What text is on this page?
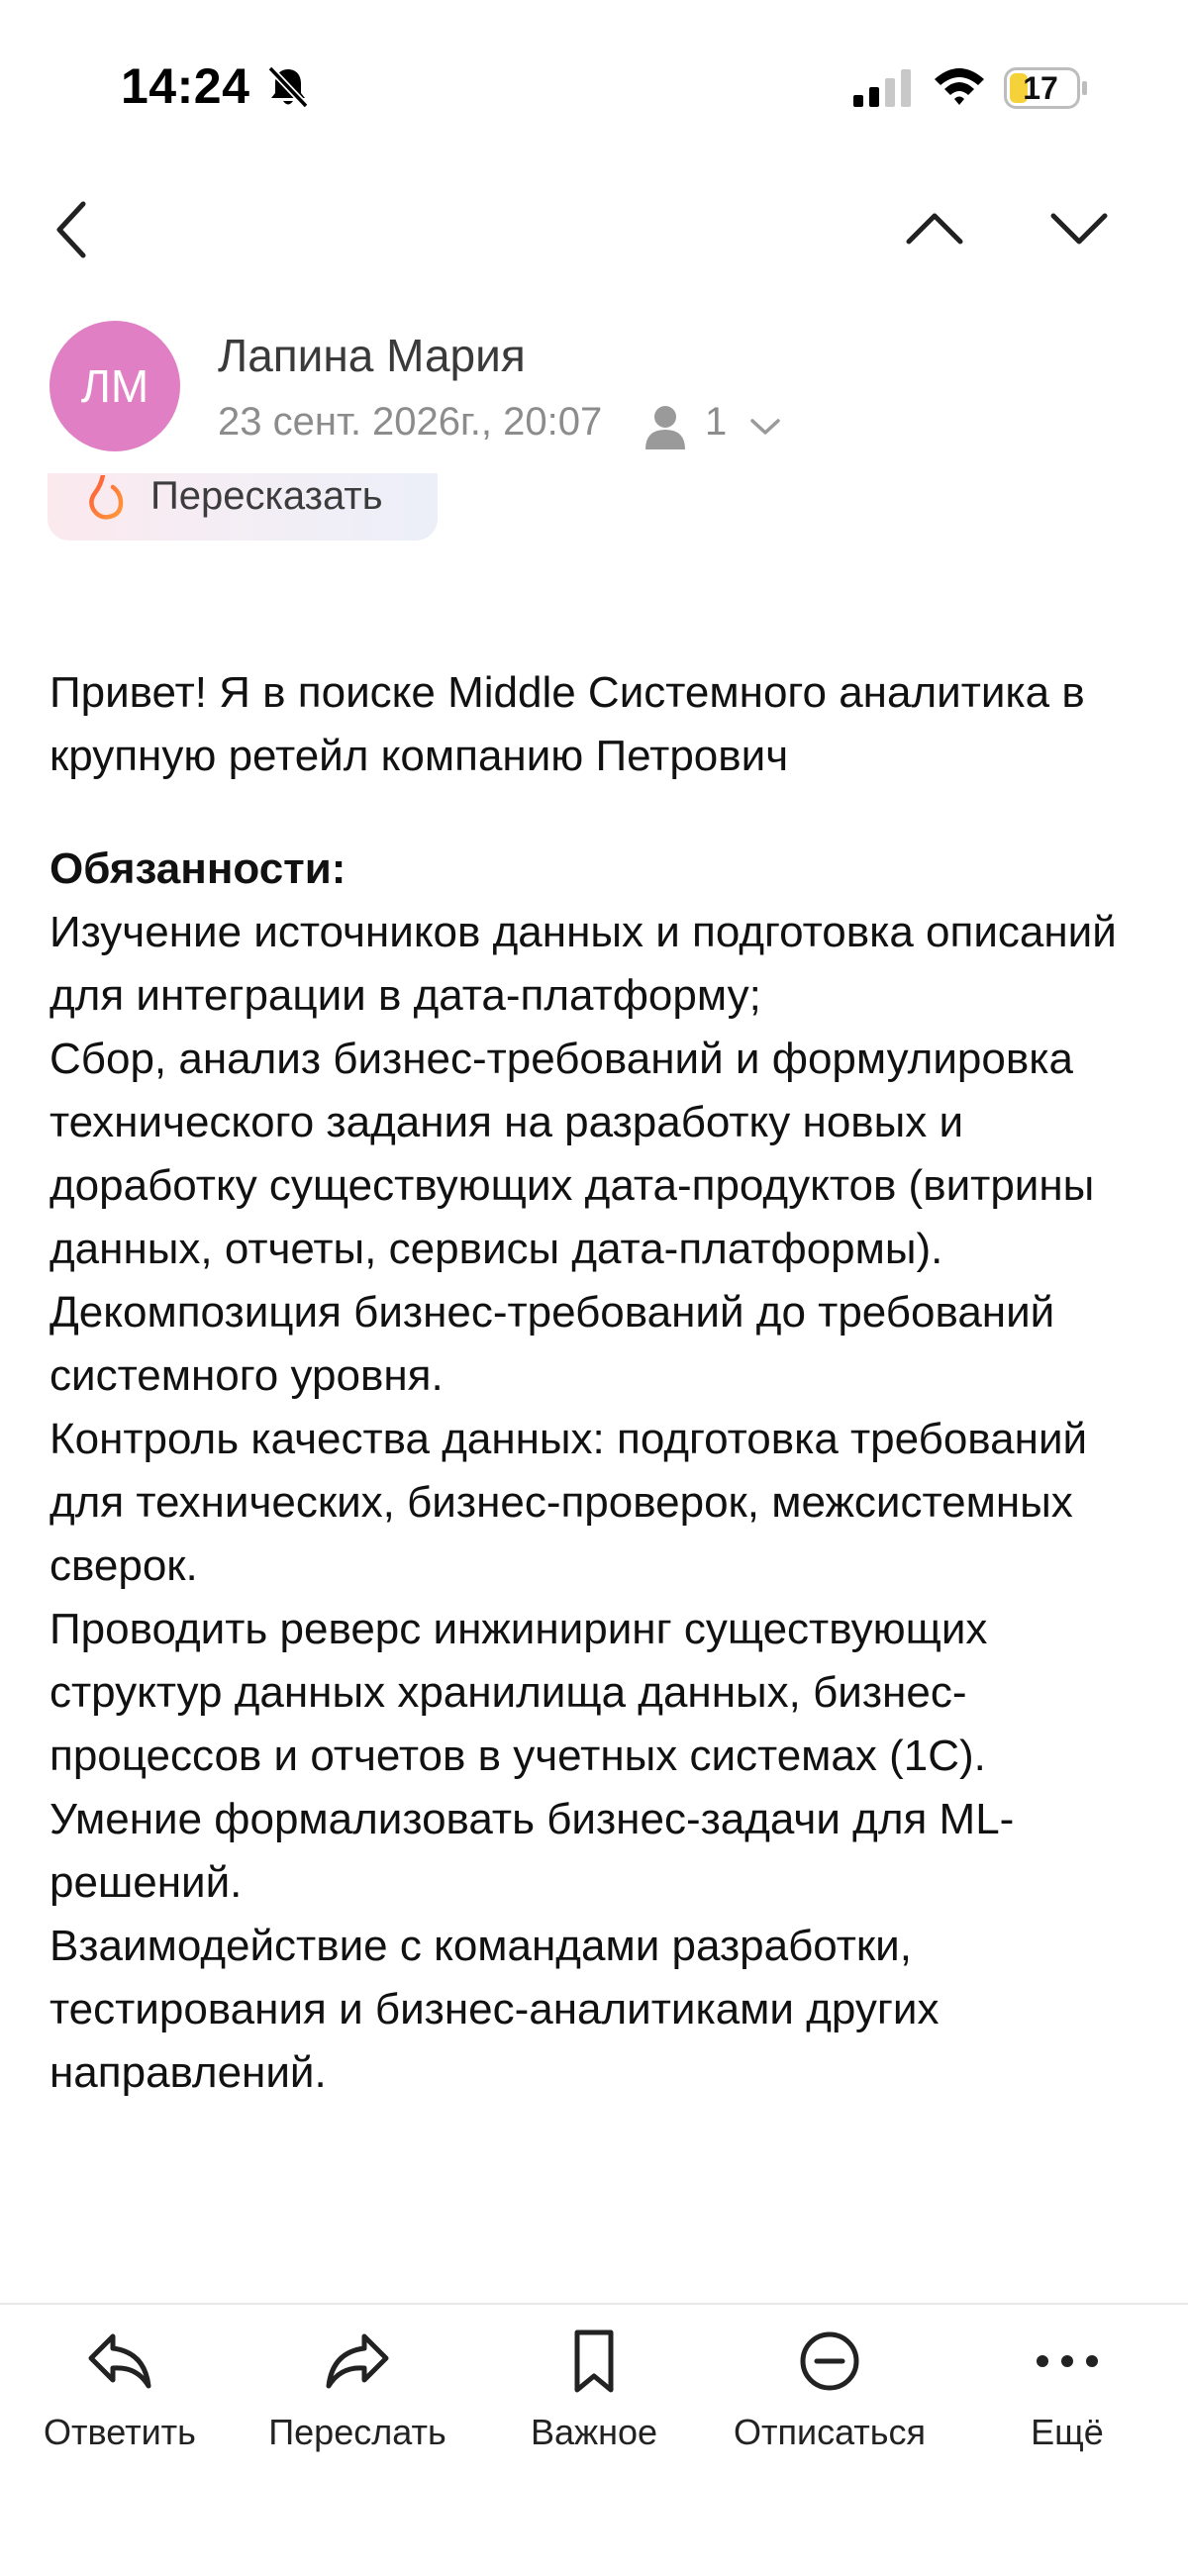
14:24	17
ЛМ
Лапина Мария
23 сент. 2026г., 20:07	1
Пересказать

Привет! Я в поиске Middle Системного аналитика в крупную ретейл компанию Петрович

Обязанности:

Изучение источников данных и подготовка описаний для интеграции в дата-платформу;

Сбор, анализ бизнес-требований и формулировка технического задания на разработку новых и доработку существующих дата-продуктов (витрины данных, отчеты, сервисы дата-платформы).

Декомпозиция бизнес-требований до требований системного уровня.

Контроль качества данных: подготовка требований для технических, бизнес-проверок, межсистемных сверок.

Проводить реверс инжиниринг существующих структур данных хранилища данных, бизнес-процессов и отчетов в учетных системах (1С).

Умение формализовать бизнес-задачи для ML-решений.

Взаимодействие с командами разработки, тестирования и бизнес-аналитиками других направлений.

Ответить	Переслать	Важное	Отписаться	Ещё
